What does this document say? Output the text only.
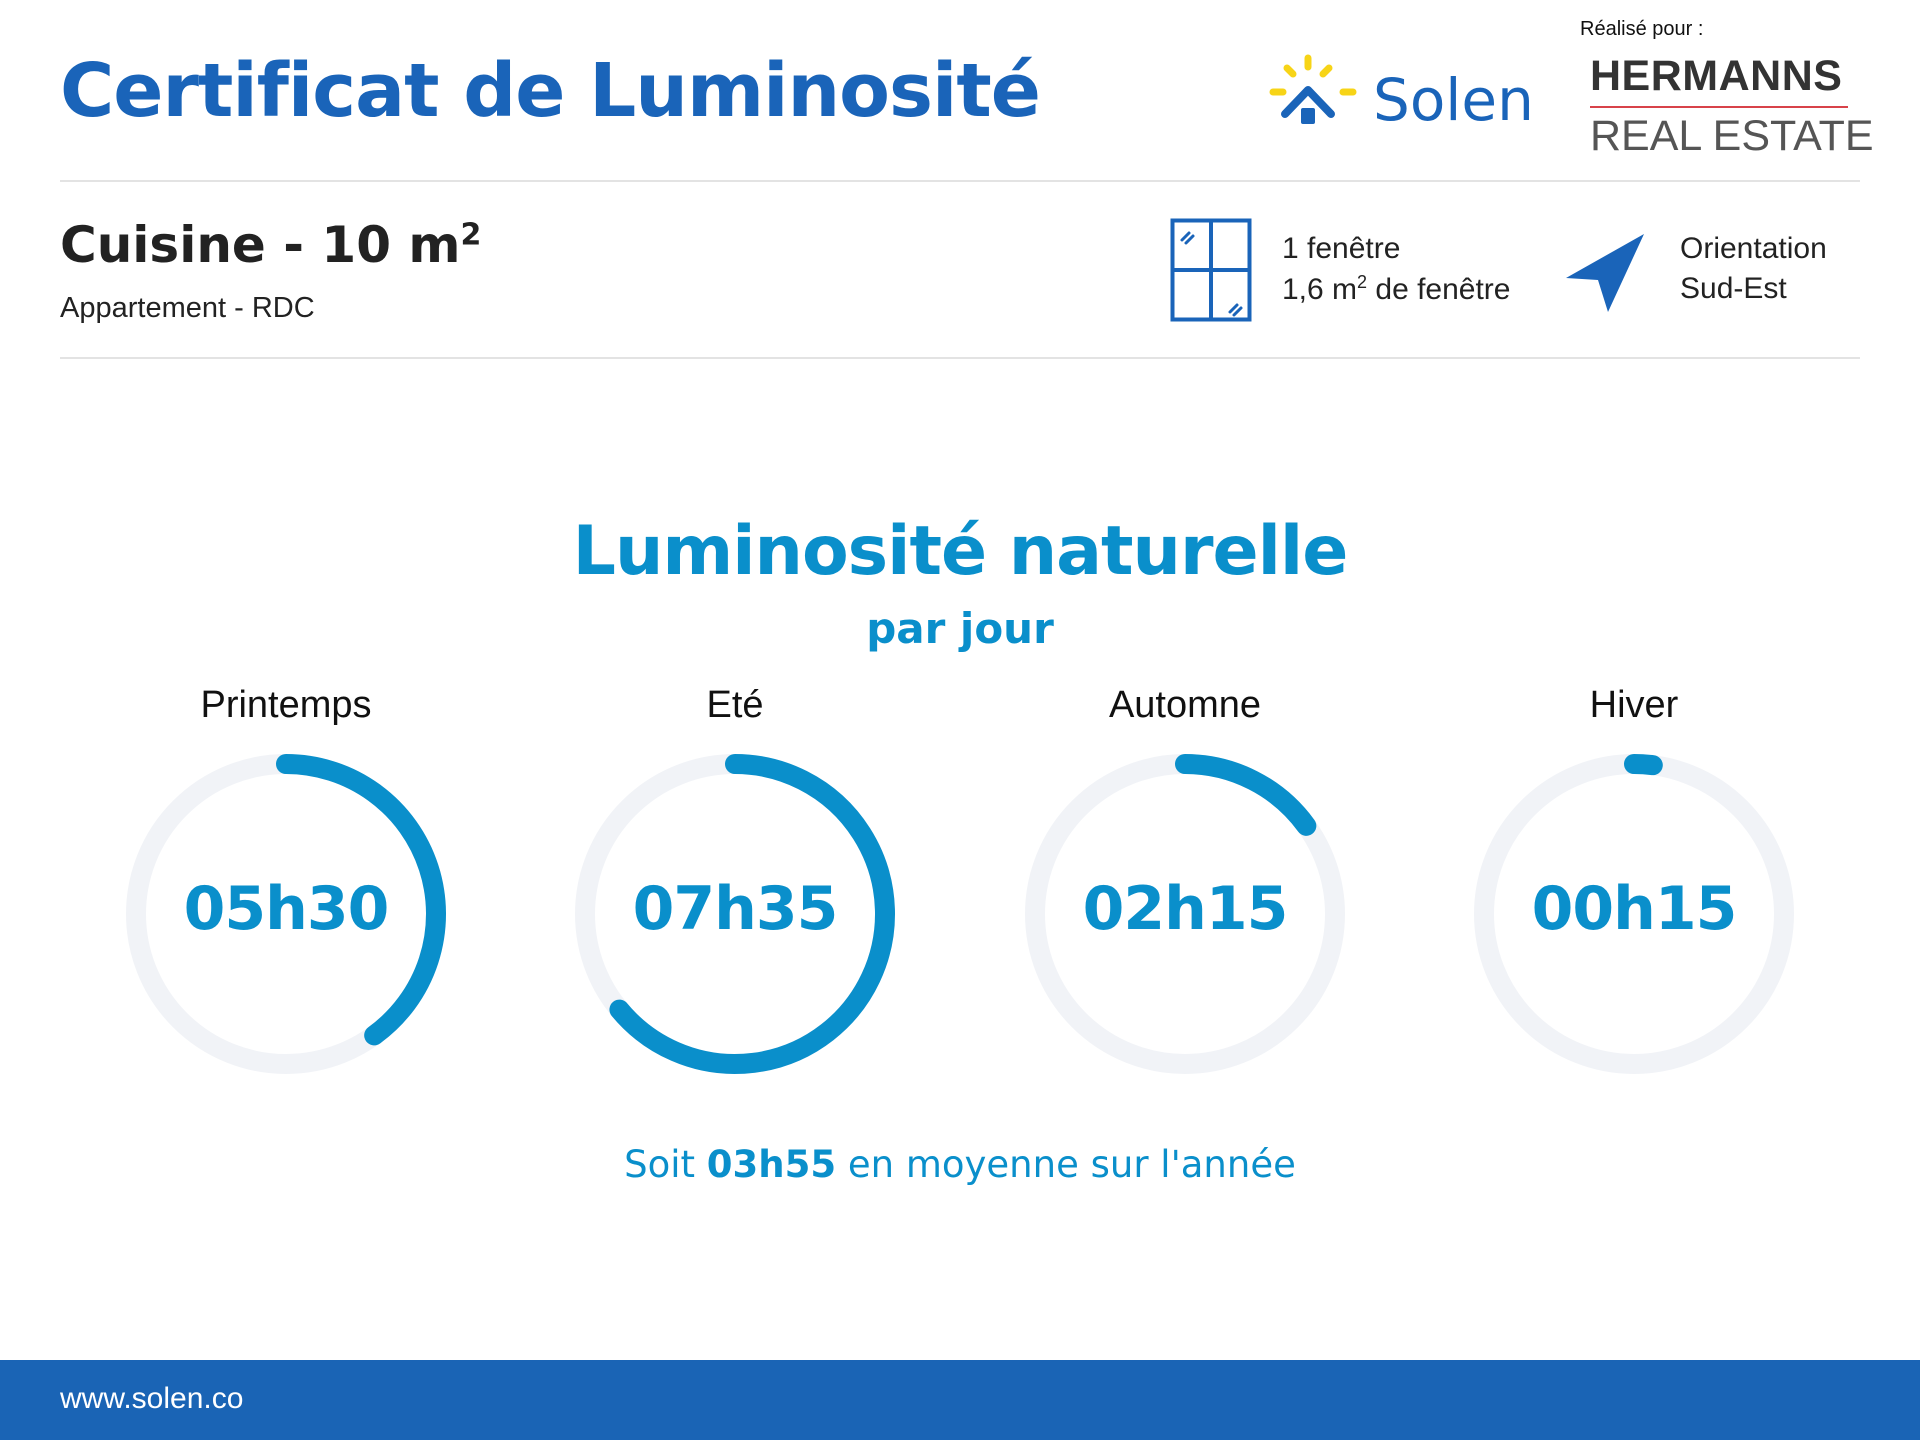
Certificat de Luminosité	Solen
Réalisé pour :
HERMANNS
REAL ESTATE
Cuisine - 10 $m^2$
Appartement - RDC
1 fenêtre
1,6 $m^2$ de fenêtre
Orientation
Sud-Est
Luminosité naturelle
par jour
Printemps
05h30
Eté
07h35
Automne
02h15
Hiver
00h15
Soit 03h55 en moyenne sur l'année
www.solen.co
